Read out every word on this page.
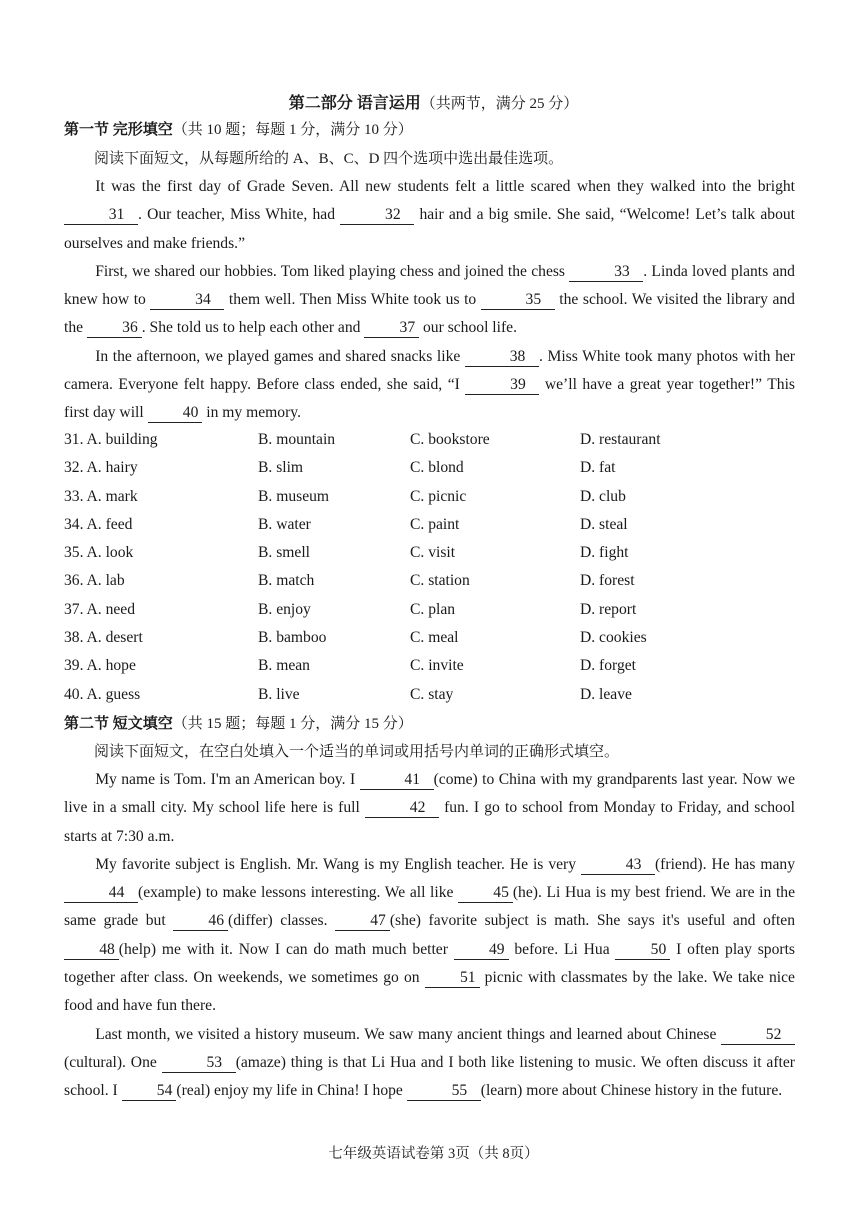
第二部分 语言运用（共两节，满分 25 分）
第一节 完形填空（共 10 题；每题 1 分，满分 10 分）

阅读下面短文，从每题所给的 A、B、C、D 四个选项中选出最佳选项。

It was the first day of Grade Seven. All new students felt a little scared when they walked into the bright 31 . Our teacher, Miss White, had	32 hair and a big smile. She said, “Welcome! Let’s talk about ourselves and make friends.”

First, we shared our hobbies. Tom liked playing chess and joined the chess	33 . Linda loved plants and knew how to	34 them well. Then Miss White took us to	35 the school. We visited the library and the 36 . She told us to help each other and 37 our school life.

In the afternoon, we played games and shared snacks like	38 . Miss White took many photos with her camera. Everyone felt happy. Before class ended, she said, “I	39 we’ll have a great year together!” This first day will 40 in my memory.

31. A. building	B. mountain	C. bookstore	D. restaurant
32. A. hairy	B. slim	C. blond	D. fat
33. A. mark	B. museum	C. picnic	D. club
34. A. feed	B. water	C. paint	D. steal
35. A. look	B. smell	C. visit	D. fight
36. A. lab	B. match	C. station	D. forest
37. A. need	B. enjoy	C. plan	D. report
38. A. desert	B. bamboo	C. meal	D. cookies
39. A. hope	B. mean	C. invite	D. forget
40. A. guess	B. live	C. stay	D. leave
第二节 短文填空（共 15 题；每题 1 分，满分 15 分）

阅读下面短文，在空白处填入一个适当的单词或用括号内单词的正确形式填空。

My name is Tom. I'm an American boy. I	41 (come) to China with my grandparents last year. Now we live in a small city. My school life here is full	42 fun. I go to school from Monday to Friday, and school starts at 7:30 a.m.

My favorite subject is English. Mr. Wang is my English teacher. He is very	43 (friend). He has many 44 (example) to make lessons interesting. We all like 45 (he). Li Hua is my best friend. We are in the same grade but 46 (differ) classes. 47 (she) favorite subject is math. She says it's useful and often 48 (help) me with it. Now I can do math much better 49 before. Li Hua 50 I often play sports together after class. On weekends, we sometimes go on 51 picnic with classmates by the lake. We take nice food and have fun there.

Last month, we visited a history museum. We saw many ancient things and learned about Chinese	52(cultural). One	53 (amaze) thing is that Li Hua and I both like listening to music. We often discuss it after school. I 54 (real) enjoy my life in China! I hope	55 (learn) more about Chinese history in the future.

七年级英语试卷第 3页（共 8页）
